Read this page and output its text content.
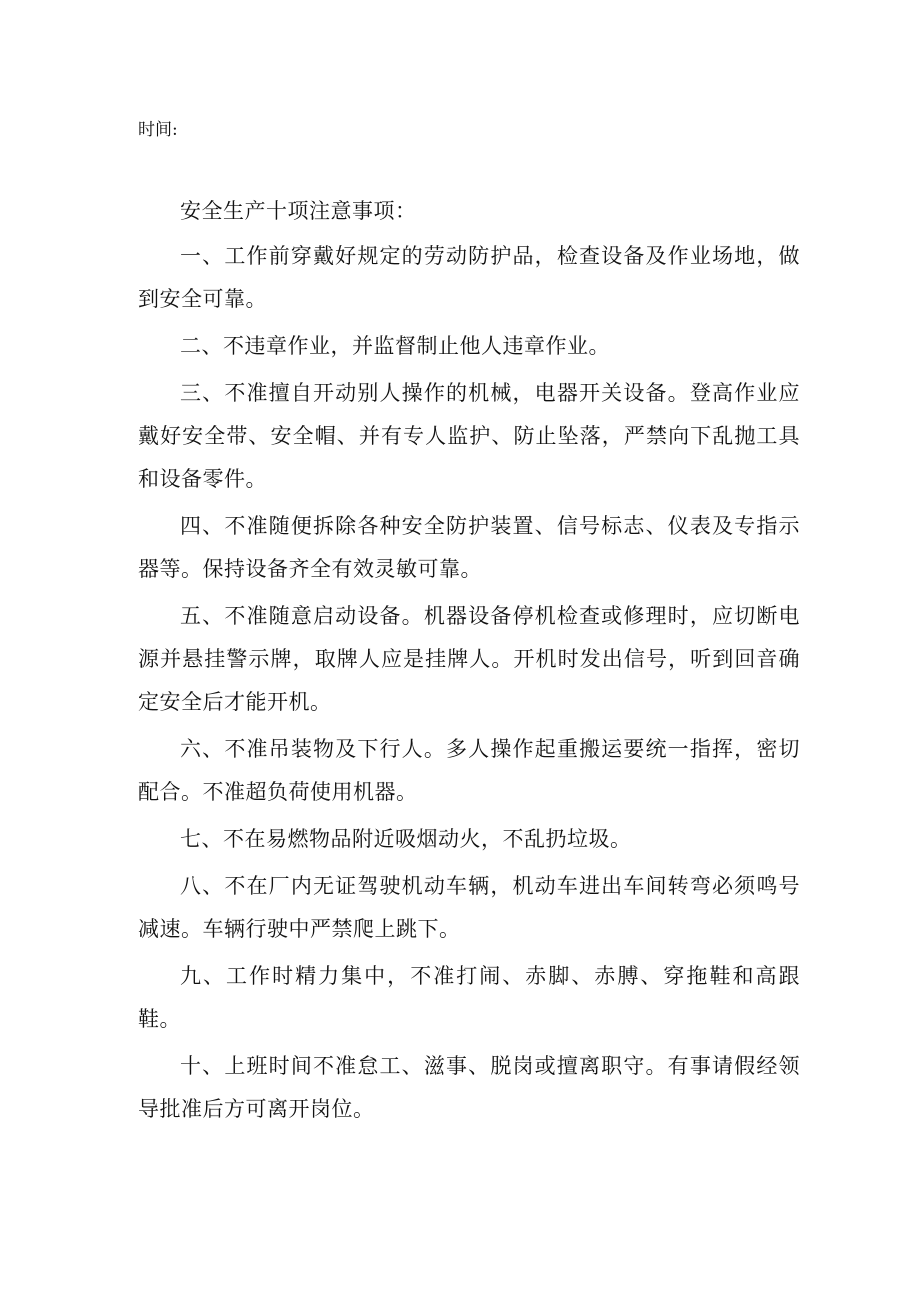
时间:

安全生产十项注意事项：

一、工作前穿戴好规定的劳动防护品，检查设备及作业场地，做到安全可靠。

二、不违章作业，并监督制止他人违章作业。

三、不准擅自开动别人操作的机械，电器开关设备。登高作业应戴好安全带、安全帽、并有专人监护、防止坠落，严禁向下乱抛工具和设备零件。

四、不准随便拆除各种安全防护装置、信号标志、仪表及专指示器等。保持设备齐全有效灵敏可靠。

五、不准随意启动设备。机器设备停机检查或修理时，应切断电源并悬挂警示牌，取牌人应是挂牌人。开机时发出信号，听到回音确定安全后才能开机。

六、不准吊装物及下行人。多人操作起重搬运要统一指挥，密切配合。不准超负荷使用机器。

七、不在易燃物品附近吸烟动火，不乱扔垃圾。

八、不在厂内无证驾驶机动车辆，机动车进出车间转弯必须鸣号减速。车辆行驶中严禁爬上跳下。

九、工作时精力集中，不准打闹、赤脚、赤膊、穿拖鞋和高跟鞋。

十、上班时间不准怠工、滋事、脱岗或擅离职守。有事请假经领导批准后方可离开岗位。
